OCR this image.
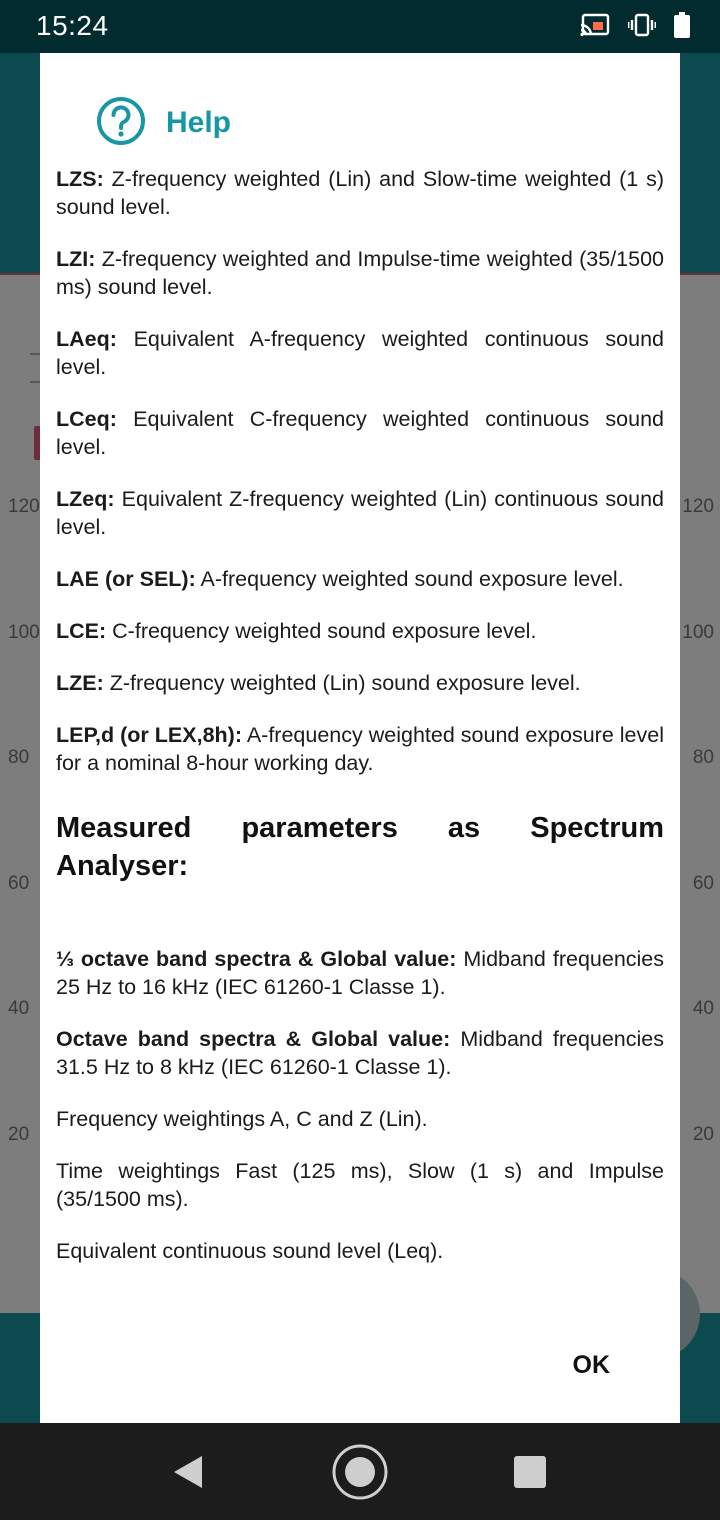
15:24
120
100
80
60
40
20
120
100
80
60
40
20
Help

LZS: Z-frequency weighted (Lin) and Slow-time weighted (1 s) sound level.

LZI: Z-frequency weighted and Impulse-time weighted (35/1500 ms) sound level.

LAeq: Equivalent A-frequency weighted continuous sound level.

LCeq: Equivalent C-frequency weighted continuous sound level.

LZeq: Equivalent Z-frequency weighted (Lin) continuous sound level.

LAE (or SEL): A-frequency weighted sound exposure level.

LCE: C-frequency weighted sound exposure level.

LZE: Z-frequency weighted (Lin) sound exposure level.

LEP,d (or LEX,8h): A-frequency weighted sound exposure level for a nominal 8-hour working day.

Measured parameters as Spectrum Analyser:

⅓ octave band spectra & Global value: Midband frequencies 25 Hz to 16 kHz (IEC 61260-1 Classe 1).

Octave band spectra & Global value: Midband frequencies 31.5 Hz to 8 kHz (IEC 61260-1 Classe 1).

Frequency weightings A, C and Z (Lin).

Time weightings Fast (125 ms), Slow (1 s) and Impulse (35/1500 ms).

Equivalent continuous sound level (Leq).

OK
